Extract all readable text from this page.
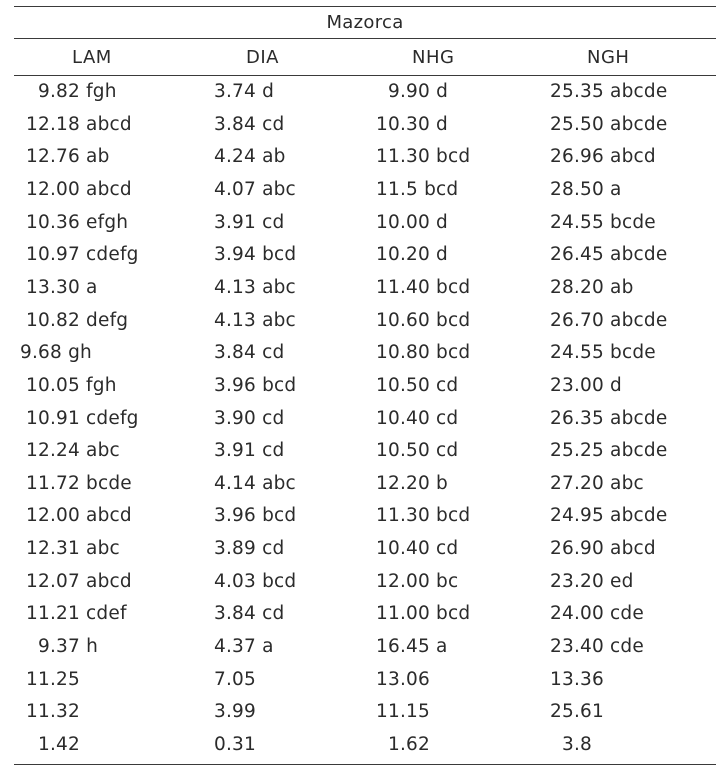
Mazorca
LAM	DIA	NHG	NGH
9.82 fgh	3.74 d	9.90 d	25.35 abcde
12.18 abcd	3.84 cd	10.30 d	25.50 abcde
12.76 ab	4.24 ab	11.30 bcd	26.96 abcd
12.00 abcd	4.07 abc	11.5 bcd	28.50 a
10.36 efgh	3.91 cd	10.00 d	24.55 bcde
10.97 cdefg	3.94 bcd	10.20 d	26.45 abcde
13.30 a	4.13 abc	11.40 bcd	28.20 ab
10.82 defg	4.13 abc	10.60 bcd	26.70 abcde
9.68 gh	3.84 cd	10.80 bcd	24.55 bcde
10.05 fgh	3.96 bcd	10.50 cd	23.00 d
10.91 cdefg	3.90 cd	10.40 cd	26.35 abcde
12.24 abc	3.91 cd	10.50 cd	25.25 abcde
11.72 bcde	4.14 abc	12.20 b	27.20 abc
12.00 abcd	3.96 bcd	11.30 bcd	24.95 abcde
12.31 abc	3.89 cd	10.40 cd	26.90 abcd
12.07 abcd	4.03 bcd	12.00 bc	23.20 ed
11.21 cdef	3.84 cd	11.00 bcd	24.00 cde
9.37 h	4.37 a	16.45 a	23.40 cde
11.25	7.05	13.06	13.36
11.32	3.99	11.15	25.61
1.42	0.31	1.62	3.8
